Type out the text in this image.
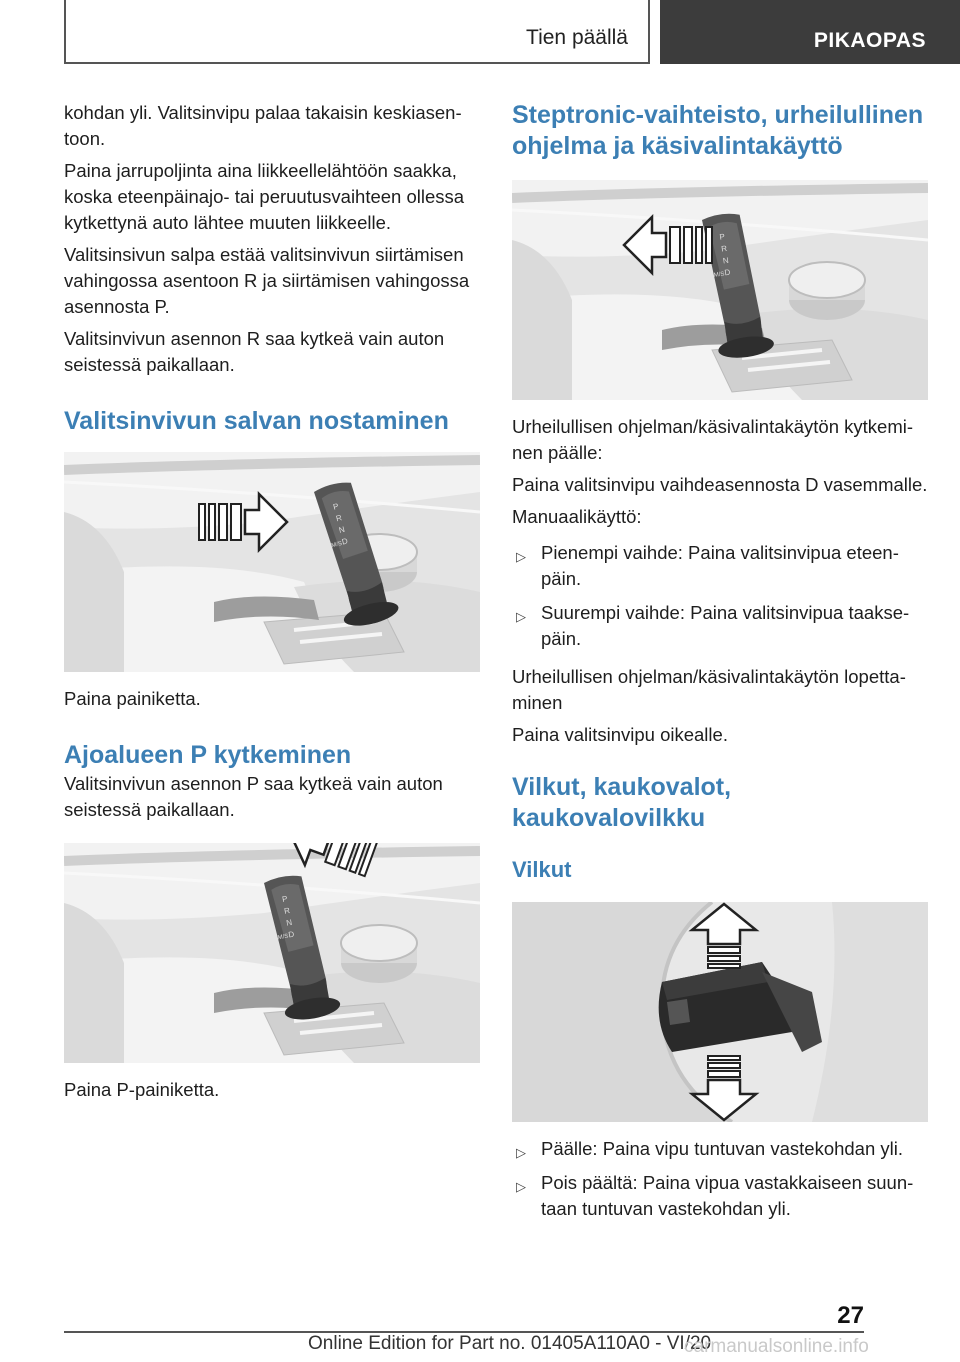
Tien päällä	PIKAOPAS

kohdan yli. Valitsinvipu palaa takaisin keskiasentoon.

Paina jarrupoljinta aina liikkeellelähtöön saakka, koska eteenpäinajo- tai peruutusvaihteen ollessa kytkettynä auto lähtee muuten liikkeelle.

Valitsinsivun salpa estää valitsinvivun siirtämisen vahingossa asentoon R ja siirtämisen vahingossa asennosta P.

Valitsinvivun asennon R saa kytkeä vain auton seistessä paikallaan.

Valitsinvivun salvan nostaminen

Paina painiketta.

Ajoalueen P kytkeminen

Valitsinvivun asennon P saa kytkeä vain auton seistessä paikallaan.

Paina P-painiketta.

Steptronic-vaihteisto, urheilullinen ohjelma ja käsivalintakäyttö

Urheilullisen ohjelman/käsivalintakäytön kytkeminen päälle:

Paina valitsinvipu vaihdeasennosta D vasemmalle.

Manuaalikäyttö:

▷ Pienempi vaihde: Paina valitsinvipua eteenpäin.
▷ Suurempi vaihde: Paina valitsinvipua taaksepäin.

Urheilullisen ohjelman/käsivalintakäytön lopettaminen

Paina valitsinvipu oikealle.

Vilkut, kaukovalot, kaukovalovilkku
Vilkut
▷ Päälle: Paina vipu tuntuvan vastekohdan yli.
▷ Pois päältä: Paina vipua vastakkaiseen suuntaan tuntuvan vastekohdan yli.
27
Online Edition for Part no. 01405A110A0 - VI/20
carmanualsonline.info
